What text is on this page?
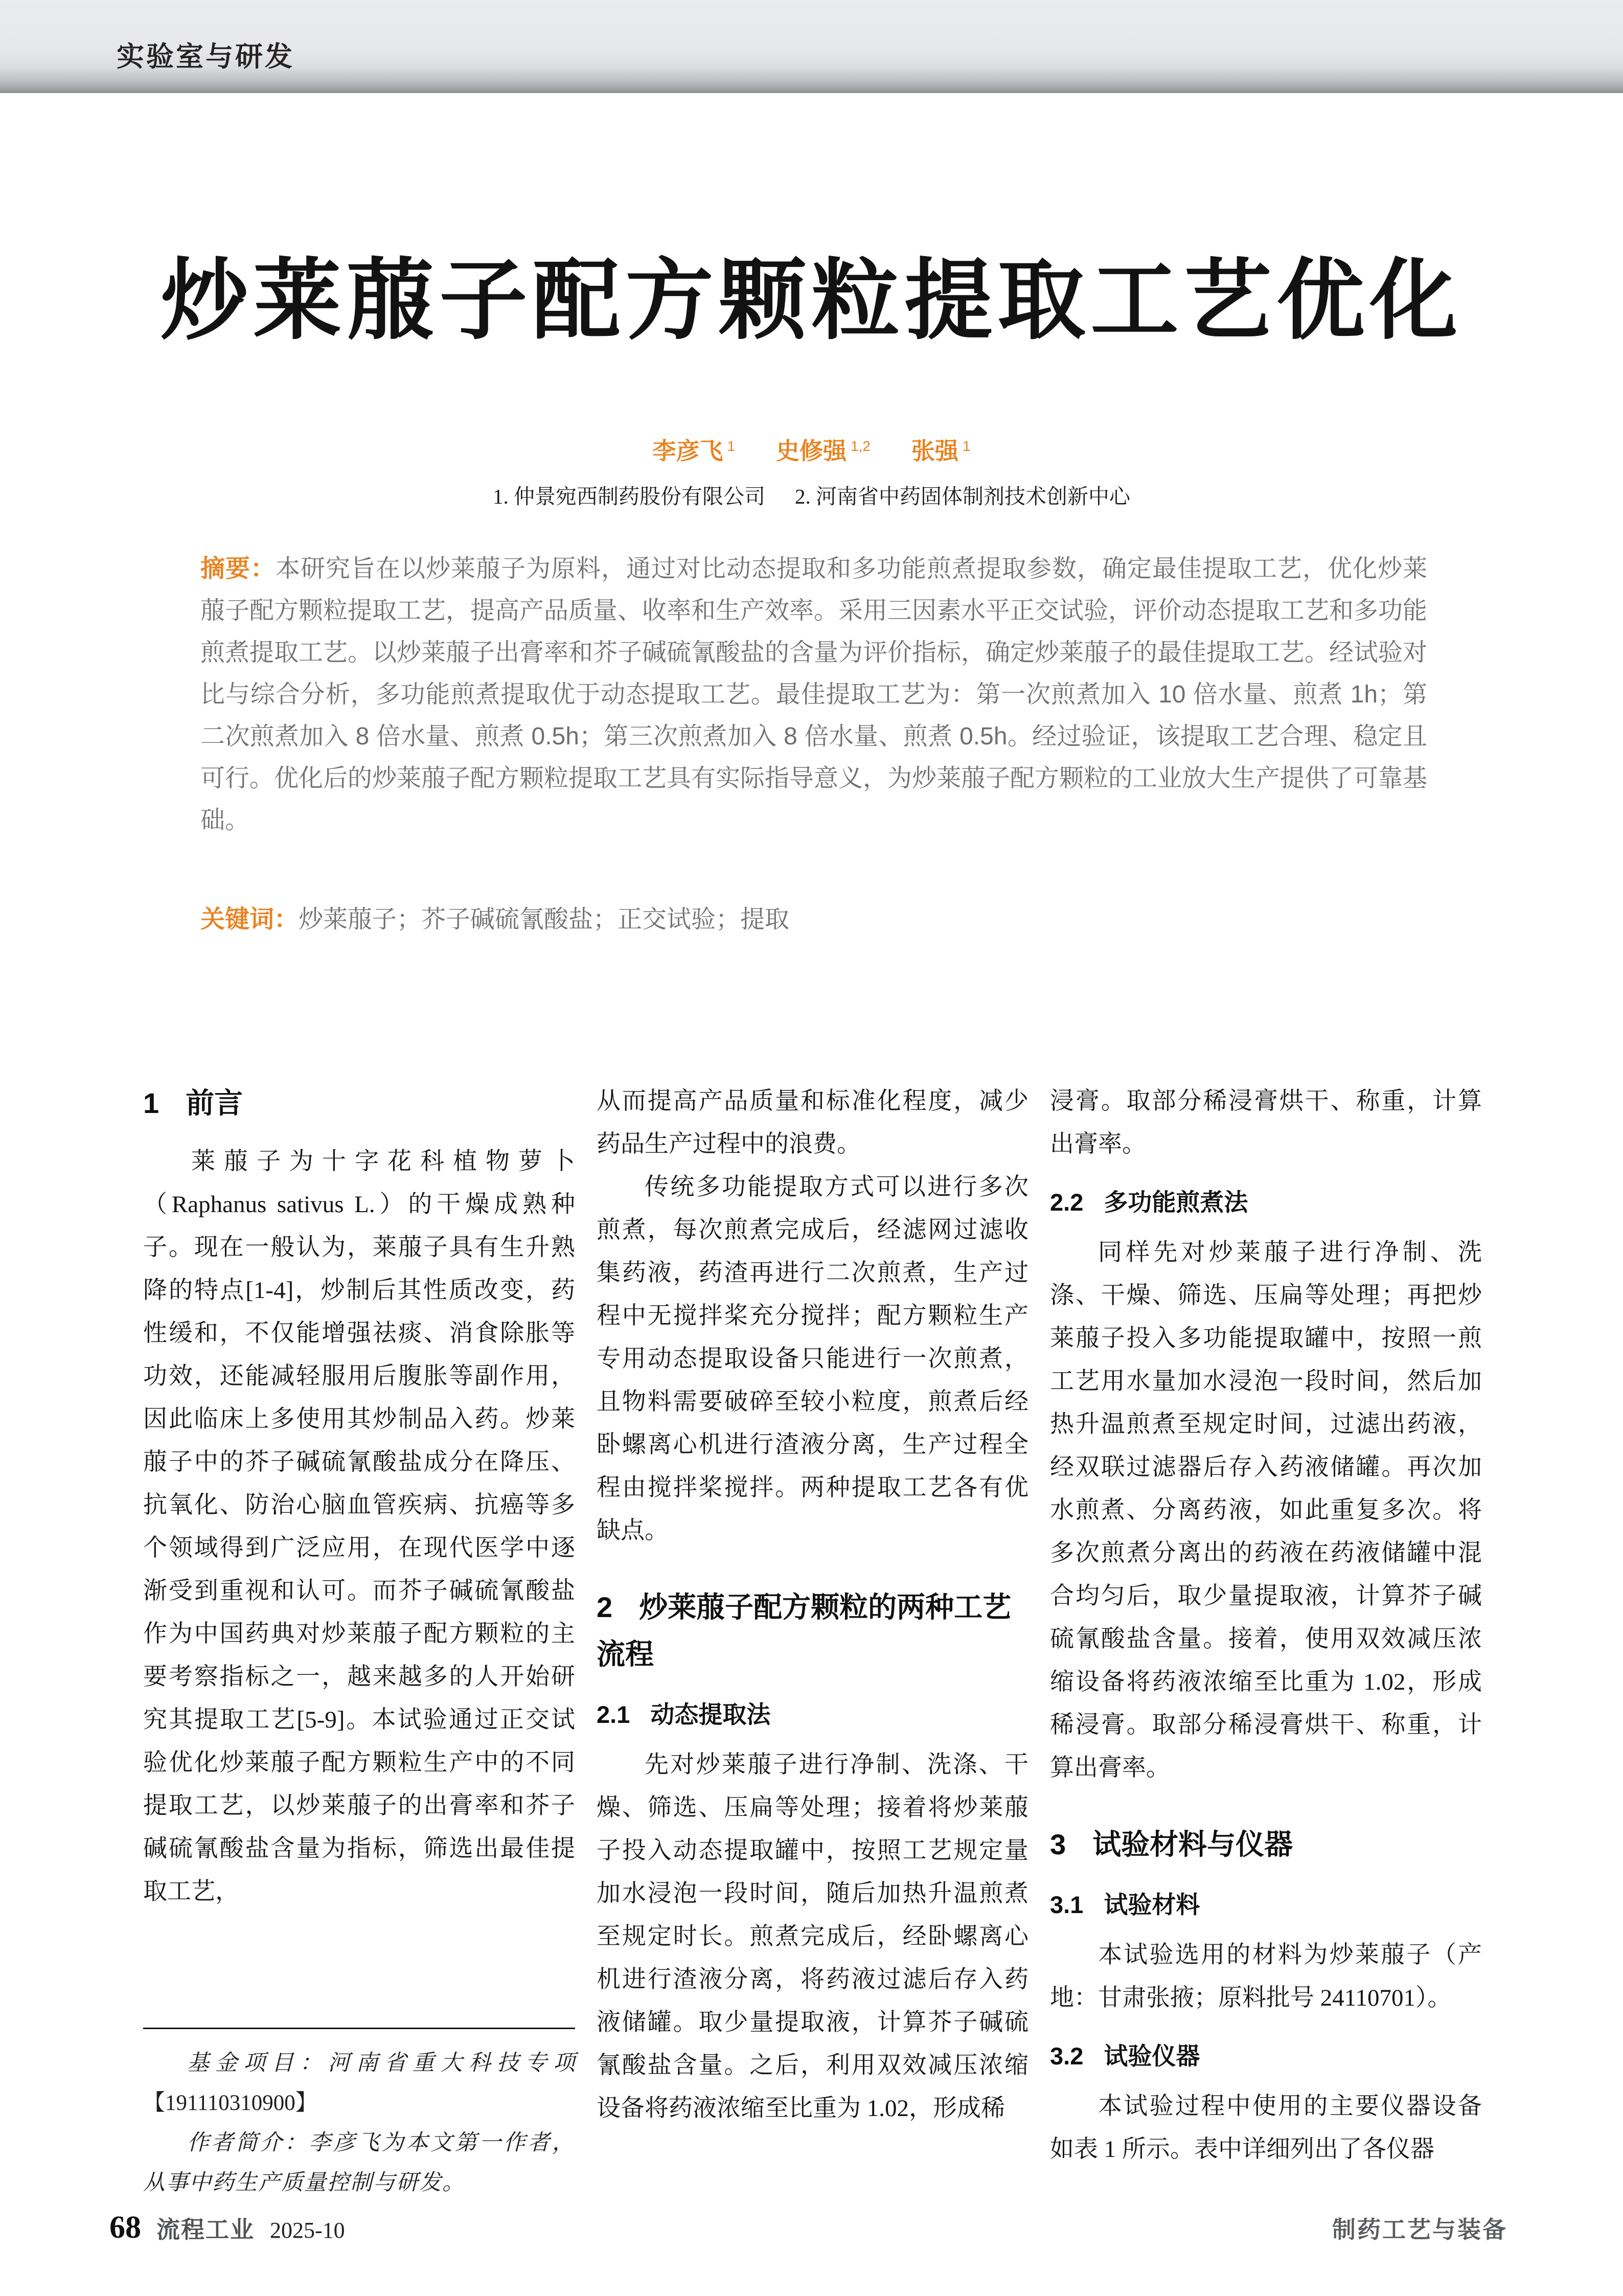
实验室与研发
炒莱菔子配方颗粒提取工艺优化
李彦飞 $^1$ 史修强 $^{1,2}$ 张强 $^1$
1. 仲景宛西制药股份有限公司 2. 河南省中药固体制剂技术创新中心

摘要：本研究旨在以炒莱菔子为原料，通过对比动态提取和多功能煎煮提取参数，确定最佳提取工艺，优化炒莱菔子配方颗粒提取工艺，提高产品质量、收率和生产效率。采用三因素水平正交试验，评价动态提取工艺和多功能煎煮提取工艺。以炒莱菔子出膏率和芥子碱硫氰酸盐的含量为评价指标，确定炒莱菔子的最佳提取工艺。经试验对比与综合分析，多功能煎煮提取优于动态提取工艺。最佳提取工艺为：第一次煎煮加入 10 倍水量、煎煮 1h；第二次煎煮加入 8 倍水量、煎煮 0.5h；第三次煎煮加入 8 倍水量、煎煮 0.5h。经过验证，该提取工艺合理、稳定且可行。优化后的炒莱菔子配方颗粒提取工艺具有实际指导意义，为炒莱菔子配方颗粒的工业放大生产提供了可靠基础。

关键词：炒莱菔子；芥子碱硫氰酸盐；正交试验；提取

1 前言

莱菔子为十字花科植物萝卜（Raphanus sativus L.）的干燥成熟种子。现在一般认为，莱菔子具有生升熟降的特点[1-4]，炒制后其性质改变，药性缓和，不仅能增强祛痰、消食除胀等功效，还能减轻服用后腹胀等副作用，因此临床上多使用其炒制品入药。炒莱菔子中的芥子碱硫氰酸盐成分在降压、抗氧化、防治心脑血管疾病、抗癌等多个领域得到广泛应用，在现代医学中逐渐受到重视和认可。而芥子碱硫氰酸盐作为中国药典对炒莱菔子配方颗粒的主要考察指标之一，越来越多的人开始研究其提取工艺[5-9]。本试验通过正交试验优化炒莱菔子配方颗粒生产中的不同提取工艺，以炒莱菔子的出膏率和芥子碱硫氰酸盐含量为指标，筛选出最佳提取工艺，

从而提高产品质量和标准化程度，减少药品生产过程中的浪费。

传统多功能提取方式可以进行多次煎煮，每次煎煮完成后，经滤网过滤收集药液，药渣再进行二次煎煮，生产过程中无搅拌桨充分搅拌；配方颗粒生产专用动态提取设备只能进行一次煎煮，且物料需要破碎至较小粒度，煎煮后经卧螺离心机进行渣液分离，生产过程全程由搅拌桨搅拌。两种提取工艺各有优缺点。

2 炒莱菔子配方颗粒的两种工艺流程
2.1 动态提取法

先对炒莱菔子进行净制、洗涤、干燥、筛选、压扁等处理；接着将炒莱菔子投入动态提取罐中，按照工艺规定量加水浸泡一段时间，随后加热升温煎煮至规定时长。煎煮完成后，经卧螺离心机进行渣液分离，将药液过滤后存入药液储罐。取少量提取液，计算芥子碱硫氰酸盐含量。之后，利用双效减压浓缩设备将药液浓缩至比重为 1.02，形成稀

浸膏。取部分稀浸膏烘干、称重，计算出膏率。

2.2 多功能煎煮法

同样先对炒莱菔子进行净制、洗涤、干燥、筛选、压扁等处理；再把炒莱菔子投入多功能提取罐中，按照一煎工艺用水量加水浸泡一段时间，然后加热升温煎煮至规定时间，过滤出药液，经双联过滤器后存入药液储罐。再次加水煎煮、分离药液，如此重复多次。将多次煎煮分离出的药液在药液储罐中混合均匀后，取少量提取液，计算芥子碱硫氰酸盐含量。接着，使用双效减压浓缩设备将药液浓缩至比重为 1.02，形成稀浸膏。取部分稀浸膏烘干、称重，计算出膏率。

3 试验材料与仪器
3.1 试验材料

本试验选用的材料为炒莱菔子（产地：甘肃张掖；原料批号 24110701）。

3.2 试验仪器

本试验过程中使用的主要仪器设备如表 1 所示。表中详细列出了各仪器

基金项目：河南省重大科技专项

【191110310900】

作者简介：李彦飞为本文第一作者，从事中药生产质量控制与研发。

68 流程工业 2025-10	制药工艺与装备
